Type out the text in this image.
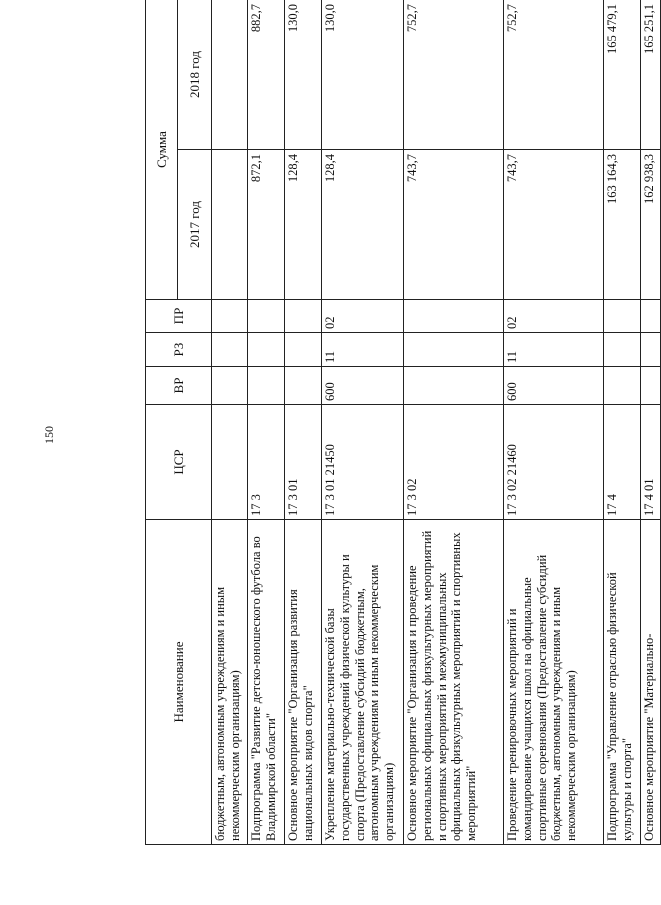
150
Наименование	ЦСР	ВР	РЗ	ПР	Сумма	
					2017 год	2018 год
бюджетным, автономным учреждениям и иным некоммерческим организациям)						
Подпрограмма "Развитие детско-юношеского футбола во Владимирской области"	17 3				872,1	882,7
Основное мероприятие "Организация развития национальных видов спорта"	17 3 01				128,4	130,0
Укрепление материально-технической базы государственных учреждений физической культуры и спорта (Предоставление субсидий бюджетным, автономным учреждениям и иным некоммерческим организациям)	17 3 01 21450	600	11	02	128,4	130,0
Основное мероприятие "Организация и проведение региональных официальных физкультурных мероприятий и спортивных мероприятий и межмуниципальных официальных физкультурных мероприятий и спортивных мероприятий"	17 3 02				743,7	752,7
Проведение тренировочных мероприятий и командирование учащихся школ на официальные спортивные соревнования (Предоставление субсидий бюджетным, автономным учреждениям и иным некоммерческим организациям)	17 3 02 21460	600	11	02	743,7	752,7
Подпрограмма "Управление отраслью физической культуры и спорта"	17 4				163 164,3	165 479,1
Основное мероприятие "Материально-	17 4 01				162 938,3	165 251,1
